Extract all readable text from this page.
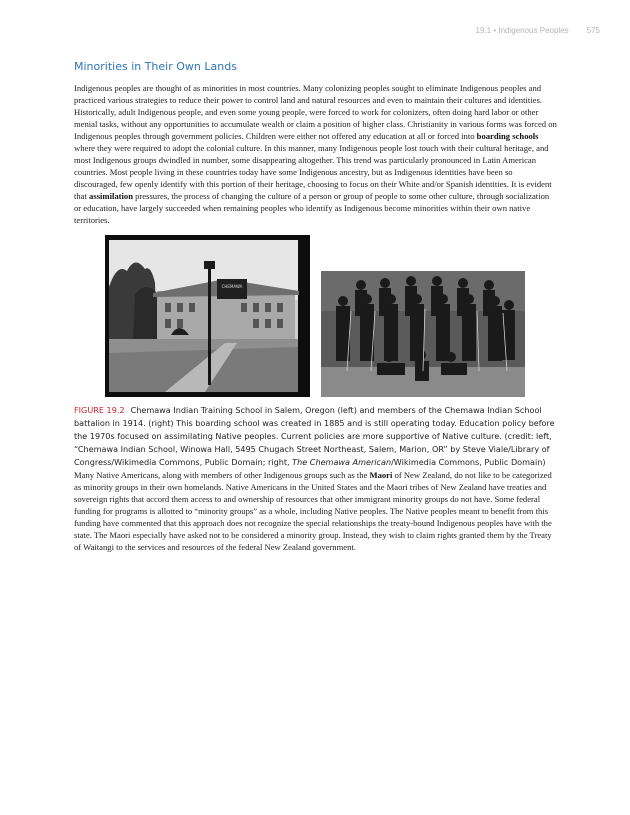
19.1 • Indigenous Peoples 575
Minorities in Their Own Lands

Indigenous peoples are thought of as minorities in most countries. Many colonizing peoples sought to eliminate Indigenous peoples and practiced various strategies to reduce their power to control land and natural resources and even to maintain their cultures and identities. Historically, adult Indigenous people, and even some young people, were forced to work for colonizers, often doing hard labor or other menial tasks, without any opportunities to accumulate wealth or claim a position of higher class. Christianity in various forms was forced on Indigenous peoples through government policies. Children were either not offered any education at all or forced into boarding schools where they were required to adopt the colonial culture. In this manner, many Indigenous people lost touch with their cultural heritage, and most Indigenous groups dwindled in number, some disappearing altogether. This trend was particularly pronounced in Latin American countries. Most people living in these countries today have some Indigenous ancestry, but as Indigenous identities have been so discouraged, few openly identify with this portion of their heritage, choosing to focus on their White and/or Spanish identities. It is evident that assimilation pressures, the process of changing the culture of a person or group of people to some other culture, through socialization or education, have largely succeeded when remaining peoples who identify as Indigenous become minorities within their own native territories.

CHEMAWA
FIGURE 19.2 Chemawa Indian Training School in Salem, Oregon (left) and members of the Chemawa Indian School battalion in 1914. (right) This boarding school was created in 1885 and is still operating today. Education policy before the 1970s focused on assimilating Native peoples. Current policies are more supportive of Native culture. (credit: left, “Chemawa Indian School, Winowa Hall, 5495 Chugach Street Northeast, Salem, Marion, OR” by Steve Viale/Library of Congress/Wikimedia Commons, Public Domain; right, The Chemawa American/Wikimedia Commons, Public Domain)

Many Native Americans, along with members of other Indigenous groups such as the Maori of New Zealand, do not like to be categorized as minority groups in their own homelands. Native Americans in the United States and the Maori tribes of New Zealand have treaties and sovereign rights that accord them access to and ownership of resources that other immigrant minority groups do not have. Some federal funding for programs is allotted to “minority groups” as a whole, including Native peoples. The Native peoples meant to benefit from this funding have commented that this approach does not recognize the special relationships the treaty-bound Indigenous peoples have with the state. The Maori especially have asked not to be considered a minority group. Instead, they wish to claim rights granted them by the Treaty of Waitangi to the services and resources of the federal New Zealand government.
